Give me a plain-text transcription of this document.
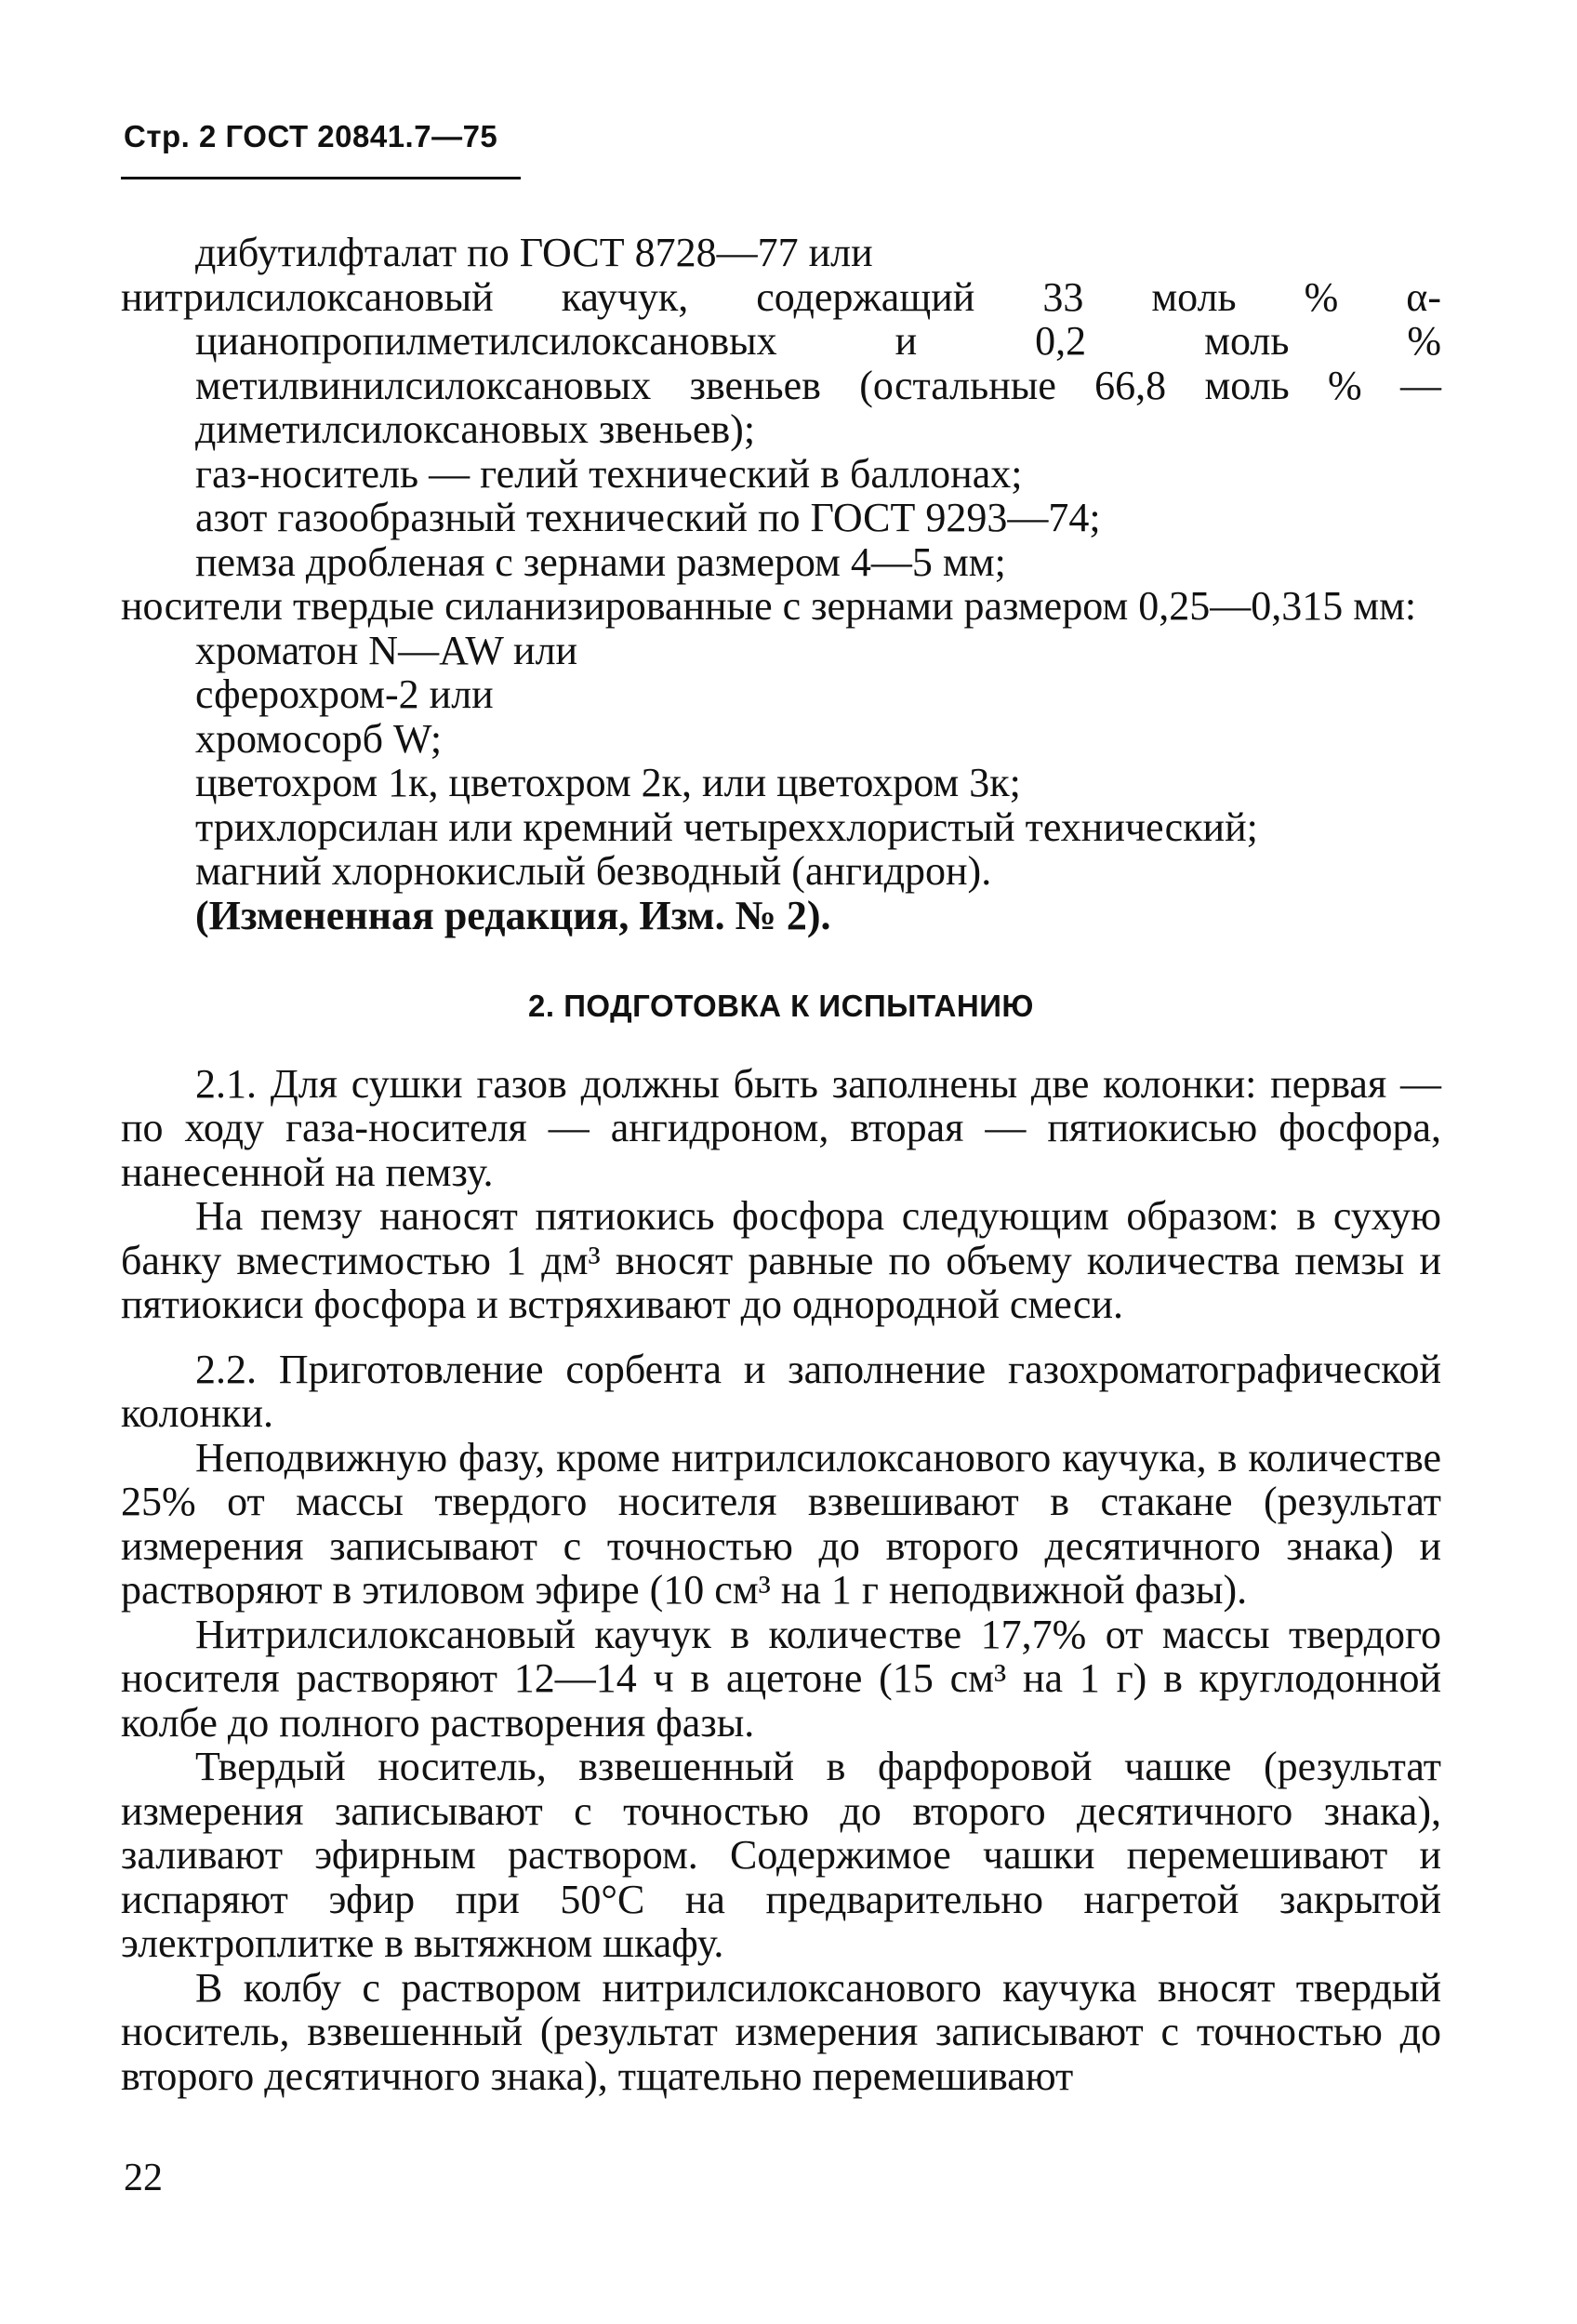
Стр. 2 ГОСТ 20841.7—75

дибутилфталат по ГОСТ 8728—77 или

нитрилсилоксановый каучук, содержащий 33 моль % α-цианопропилметилсилоксановых и 0,2 моль % метилвинилсилоксановых звеньев (остальные 66,8 моль % — диметилсилоксановых звеньев);

газ-носитель — гелий технический в баллонах;

азот газообразный технический по ГОСТ 9293—74;

пемза дробленая с зернами размером 4—5 мм;

носители твердые силанизированные с зернами размером 0,25—0,315 мм:

хроматон N—AW или

сферохром-2 или

хромосорб W;

цветохром 1к, цветохром 2к, или цветохром 3к;

трихлорсилан или кремний четыреххлористый технический;

магний хлорнокислый безводный (ангидрон).

(Измененная редакция, Изм. № 2).

2. ПОДГОТОВКА К ИСПЫТАНИЮ

2.1. Для сушки газов должны быть заполнены две колонки: первая — по ходу газа-носителя — ангидроном, вторая — пятиокисью фосфора, нанесенной на пемзу.

На пемзу наносят пятиокись фосфора следующим образом: в сухую банку вместимостью 1 дм³ вносят равные по объему количества пемзы и пятиокиси фосфора и встряхивают до однородной смеси.

2.2. Приготовление сорбента и заполнение газохроматографической колонки.

Неподвижную фазу, кроме нитрилсилоксанового каучука, в количестве 25% от массы твердого носителя взвешивают в стакане (результат измерения записывают с точностью до второго десятичного знака) и растворяют в этиловом эфире (10 см³ на 1 г неподвижной фазы).

Нитрилсилоксановый каучук в количестве 17,7% от массы твердого носителя растворяют 12—14 ч в ацетоне (15 см³ на 1 г) в круглодонной колбе до полного растворения фазы.

Твердый носитель, взвешенный в фарфоровой чашке (результат измерения записывают с точностью до второго десятичного знака), заливают эфирным раствором. Содержимое чашки перемешивают и испаряют эфир при 50°С на предварительно нагретой закрытой электроплитке в вытяжном шкафу.

В колбу с раствором нитрилсилоксанового каучука вносят твердый носитель, взвешенный (результат измерения записывают с точностью до второго десятичного знака), тщательно перемешивают

22
